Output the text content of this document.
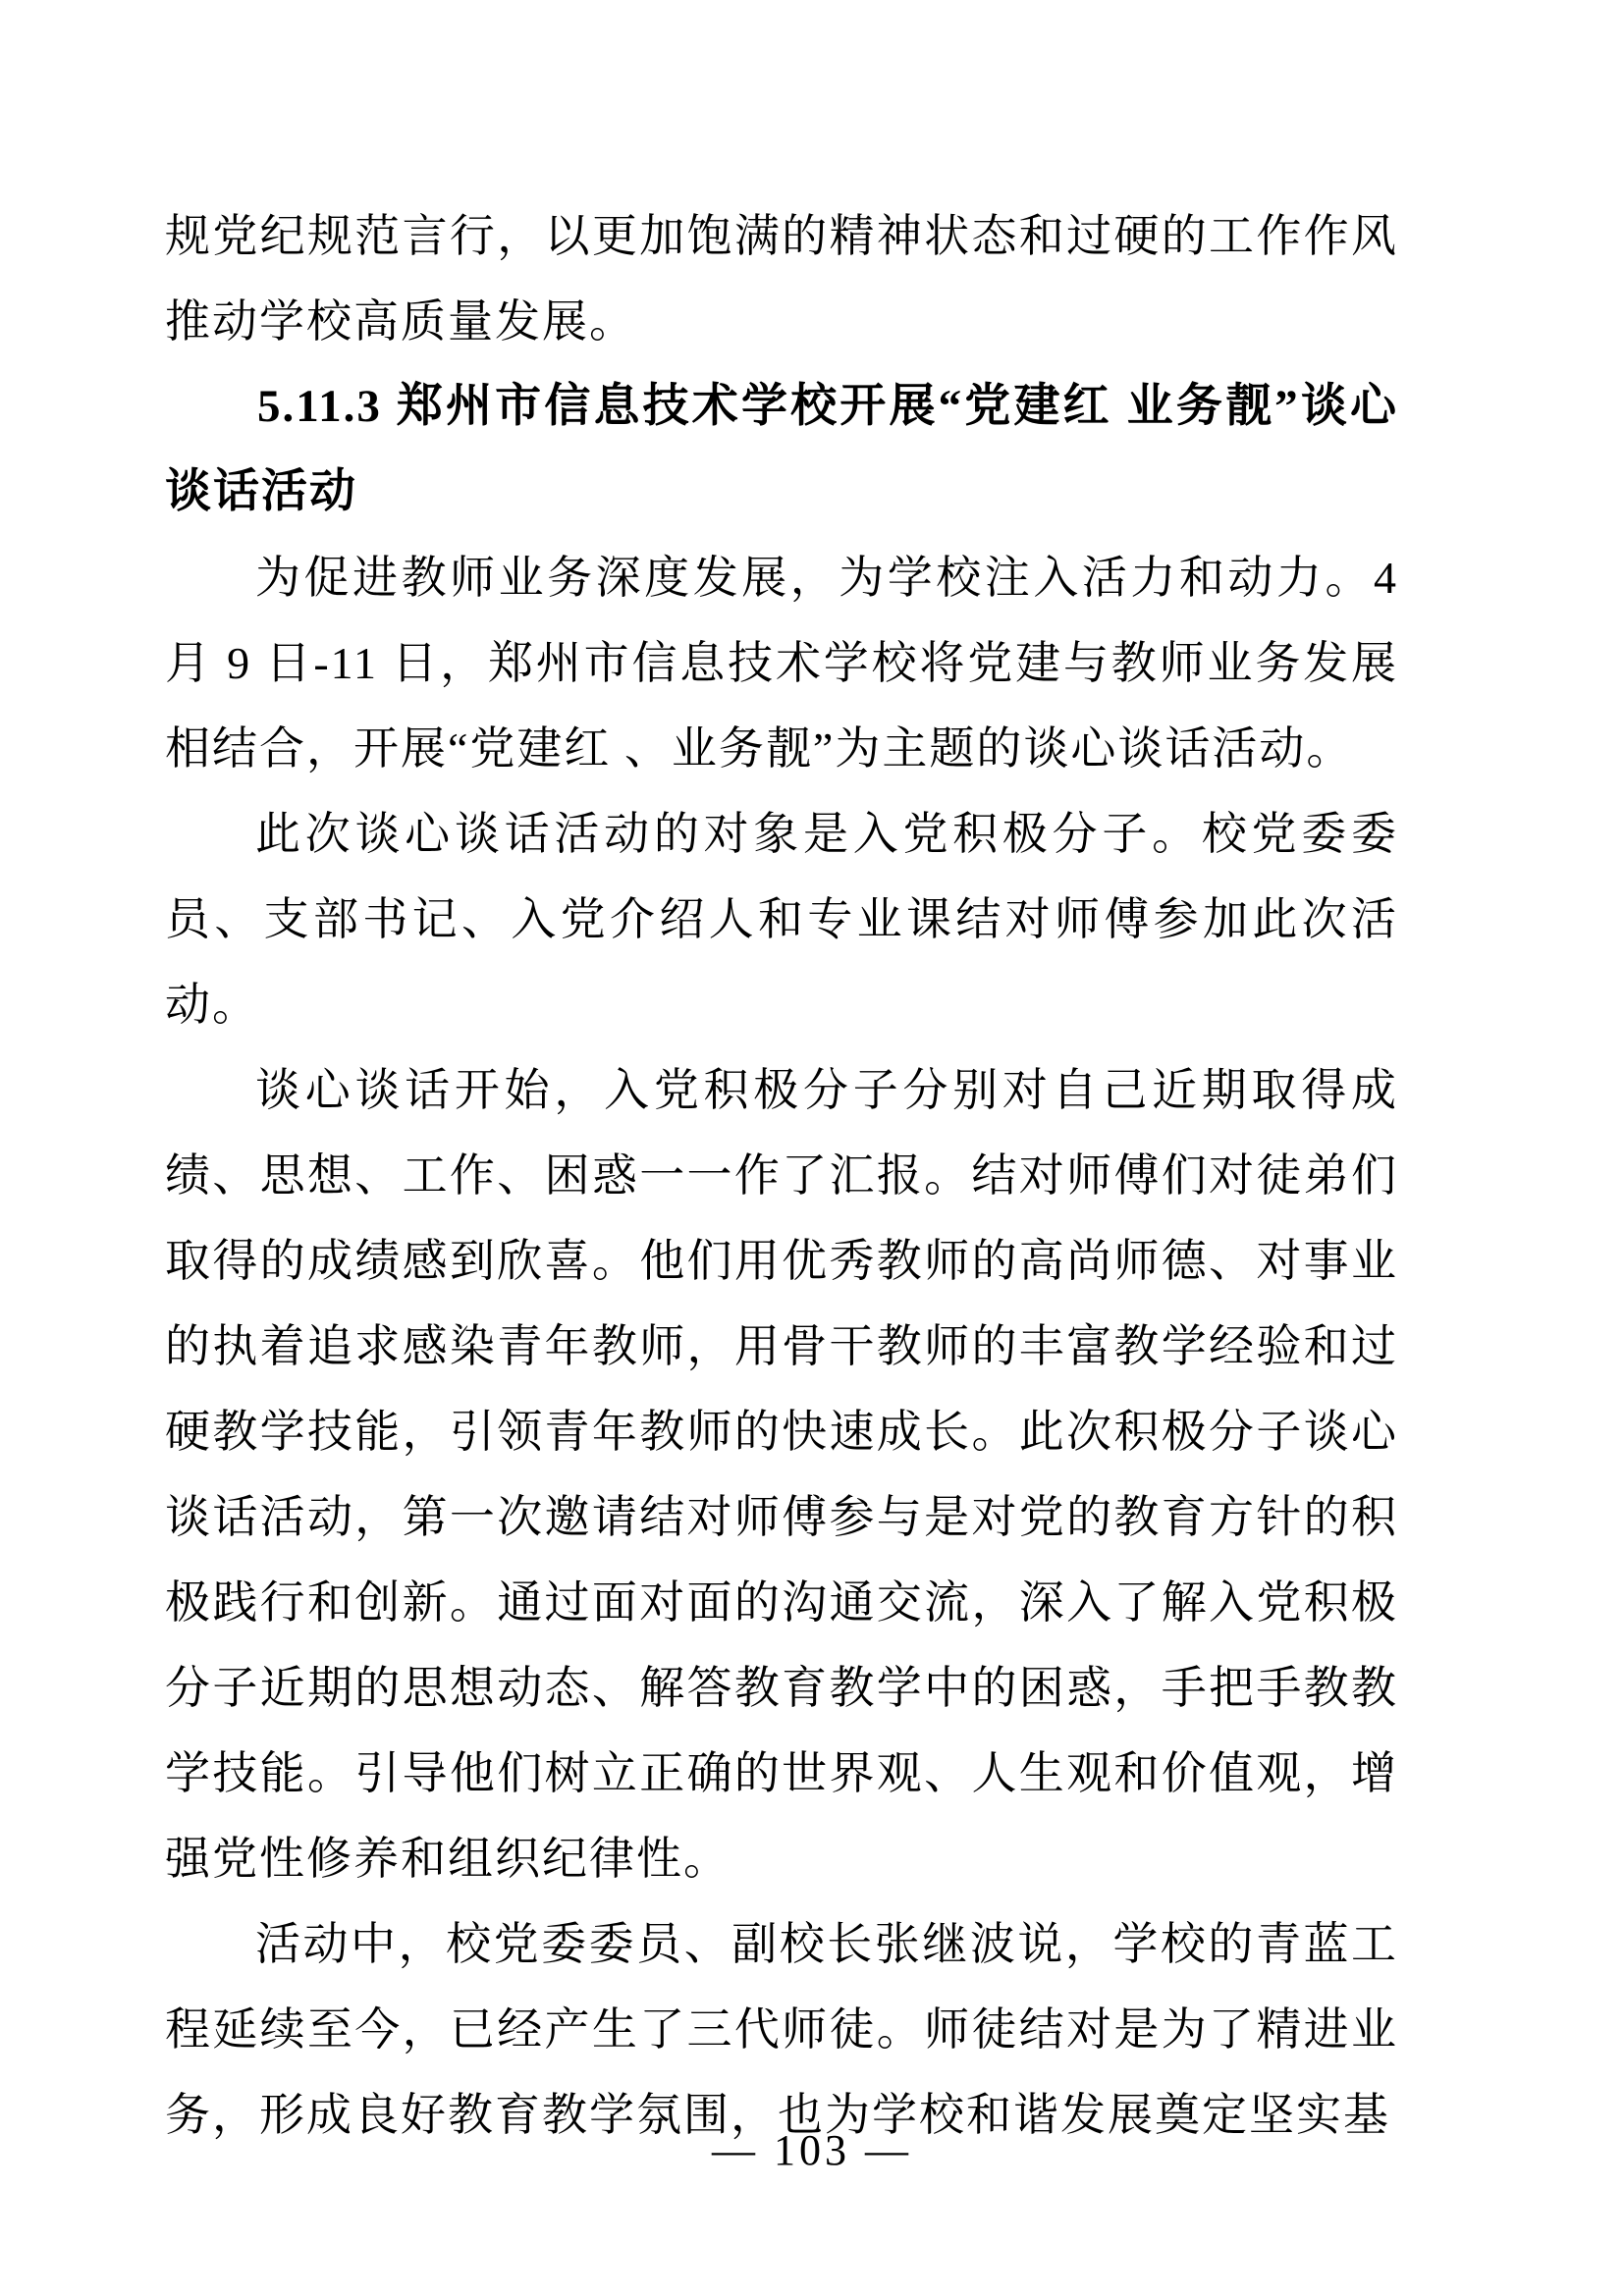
规党纪规范言行，以更加饱满的精神状态和过硬的工作作风推动学校高质量发展。

5.11.3 郑州市信息技术学校开展“党建红 业务靓”谈心谈话活动

为促进教师业务深度发展，为学校注入活力和动力。4 月 9 日-11 日，郑州市信息技术学校将党建与教师业务发展相结合，开展“党建红 、业务靓”为主题的谈心谈话活动。

此次谈心谈话活动的对象是入党积极分子。校党委委员、支部书记、入党介绍人和专业课结对师傅参加此次活动。

谈心谈话开始，入党积极分子分别对自己近期取得成绩、思想、工作、困惑一一作了汇报。结对师傅们对徒弟们取得的成绩感到欣喜。他们用优秀教师的高尚师德、对事业的执着追求感染青年教师，用骨干教师的丰富教学经验和过硬教学技能，引领青年教师的快速成长。此次积极分子谈心谈话活动，第一次邀请结对师傅参与是对党的教育方针的积极践行和创新。通过面对面的沟通交流，深入了解入党积极分子近期的思想动态、解答教育教学中的困惑，手把手教教学技能。引导他们树立正确的世界观、人生观和价值观，增强党性修养和组织纪律性。

活动中，校党委委员、副校长张继波说，学校的青蓝工程延续至今，已经产生了三代师徒。师徒结对是为了精进业务，形成良好教育教学氛围，也为学校和谐发展奠定坚实基

— 103 —
